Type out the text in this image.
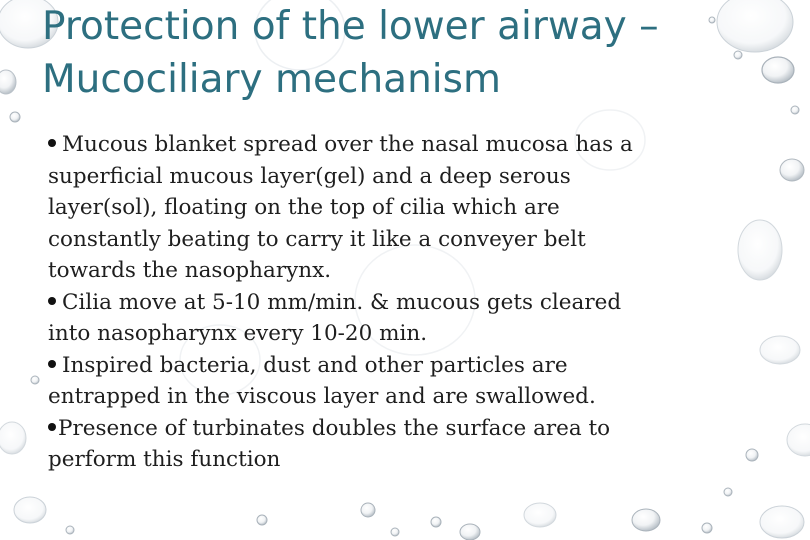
Protection of the lower airway –
Mucociliary mechanism
Mucous blanket spread over the nasal mucosa has a
superficial mucous layer(gel) and a deep serous
layer(sol), floating on the top of cilia which are
constantly beating to carry it like a conveyer belt
towards the nasopharynx.
Cilia move at 5-10 mm/min. & mucous gets cleared
into nasopharynx every 10-20 min.
Inspired bacteria, dust and other particles are
entrapped in the viscous layer and are swallowed.
Presence of turbinates doubles the surface area to
perform this function
